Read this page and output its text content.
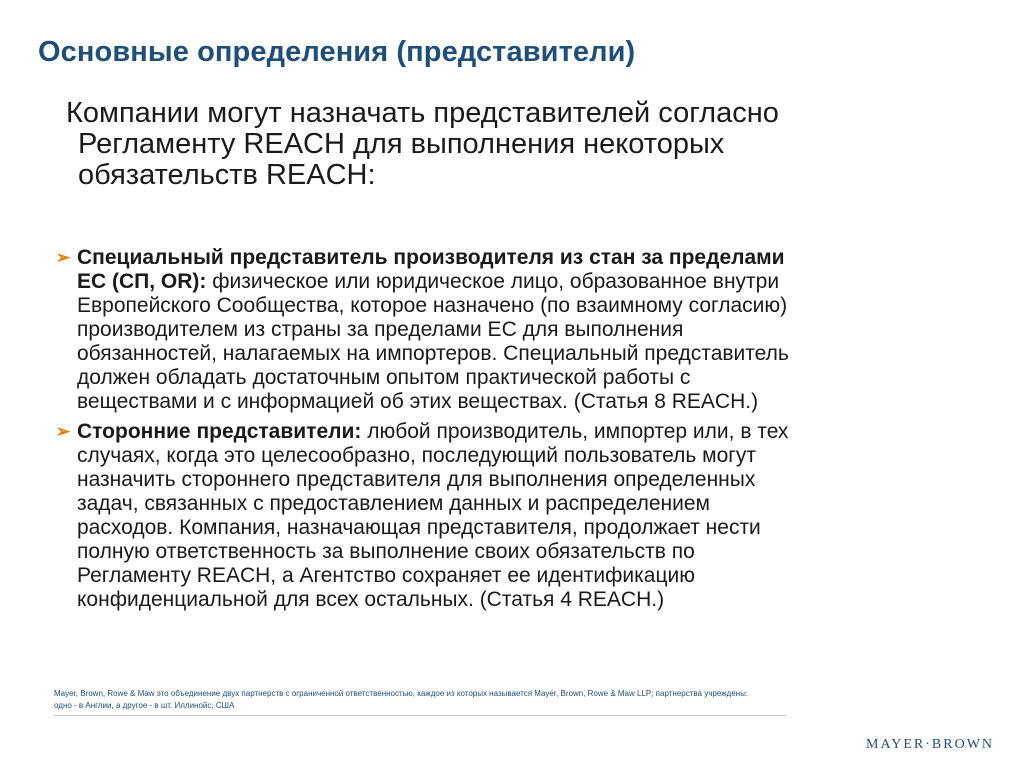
Основные определения (представители)
Компании могут назначать представителей согласно
Регламенту REACH для выполнения некоторых
обязательств REACH:
➢ Специальный представитель производителя из стан за пределами
ЕС (СП, OR): физическое или юридическое лицо, образованное внутри
Европейского Сообщества, которое назначено (по взаимному согласию)
производителем из страны за пределами ЕС для выполнения
обязанностей, налагаемых на импортеров. Специальный представитель
должен обладать достаточным опытом практической работы с
веществами и с информацией об этих веществах. (Статья 8 REACH.)
➢ Сторонние представители: любой производитель, импортер или, в тех
случаях, когда это целесообразно, последующий пользователь могут
назначить стороннего представителя для выполнения определенных
задач, связанных с предоставлением данных и распределением
расходов. Компания, назначающая представителя, продолжает нести
полную ответственность за выполнение своих обязательств по
Регламенту REACH, а Агентство сохраняет ее идентификацию
конфиденциальной для всех остальных. (Статья 4 REACH.)
Mayer, Brown, Rowe & Maw это объединение двух партнерств с ограниченной ответственностью, каждое из которых называется Mayer, Brown, Rowe & Maw LLP; партнерства учреждены:
одно - в Англии, а другое - в шт. Иллинойс, США
MAYER·BROWN
